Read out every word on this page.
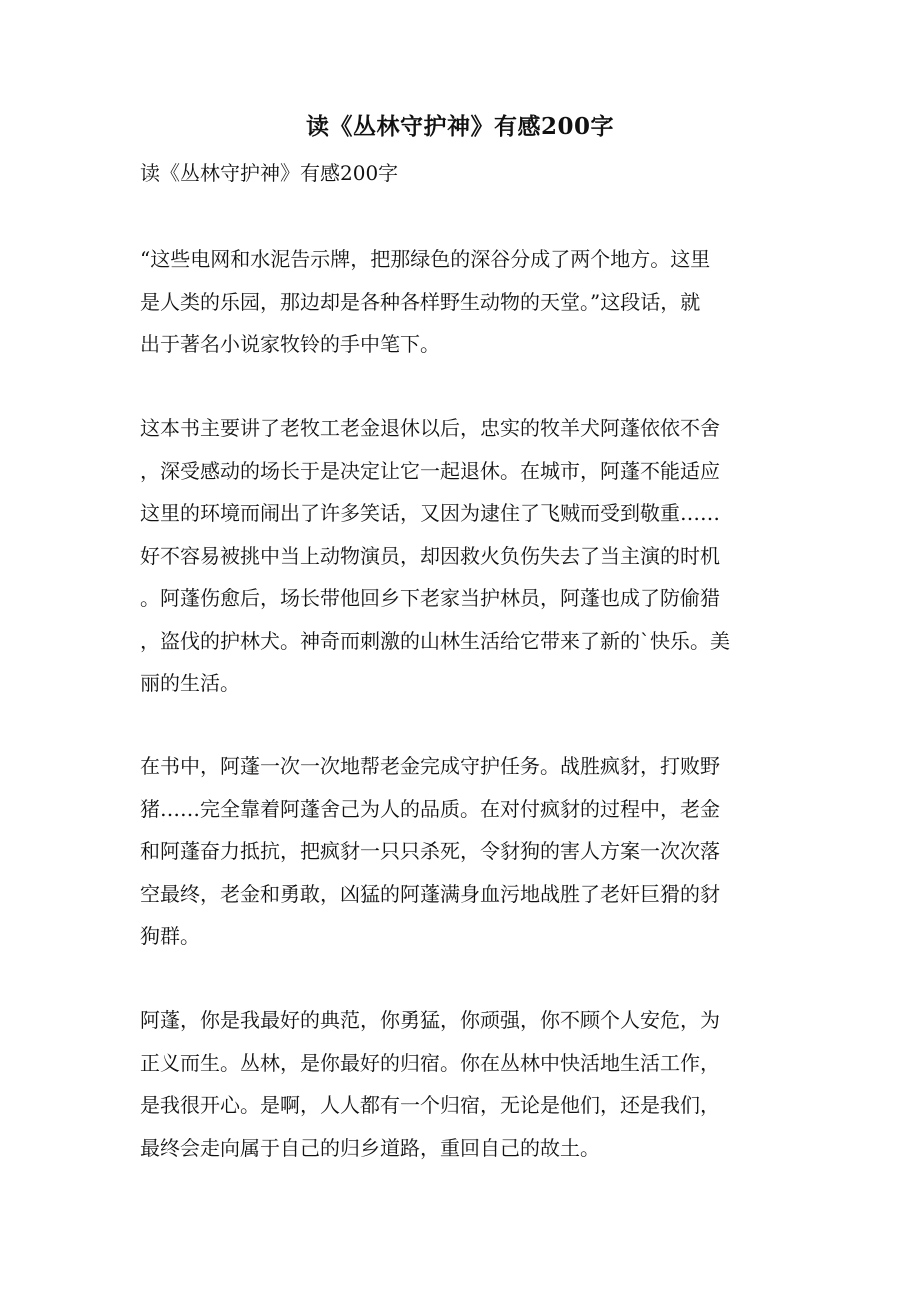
读《丛林守护神》有感200字
读《丛林守护神》有感200字
“这些电网和水泥告示牌，把那绿色的深谷分成了两个地方。这里
是人类的乐园，那边却是各种各样野生动物的天堂。”这段话，就
出于著名小说家牧铃的手中笔下。
这本书主要讲了老牧工老金退休以后，忠实的牧羊犬阿蓬依依不舍
，深受感动的场长于是决定让它一起退休。在城市，阿蓬不能适应
这里的环境而闹出了许多笑话，又因为逮住了飞贼而受到敬重……
好不容易被挑中当上动物演员，却因救火负伤失去了当主演的时机
。阿蓬伤愈后，场长带他回乡下老家当护林员，阿蓬也成了防偷猎
，盗伐的护林犬。神奇而刺激的山林生活给它带来了新的`快乐。美
丽的生活。
在书中，阿蓬一次一次地帮老金完成守护任务。战胜疯豺，打败野
猪……完全靠着阿蓬舍己为人的品质。在对付疯豺的过程中，老金
和阿蓬奋力抵抗，把疯豺一只只杀死，令豺狗的害人方案一次次落
空最终，老金和勇敢，凶猛的阿蓬满身血污地战胜了老奸巨猾的豺
狗群。
阿蓬，你是我最好的典范，你勇猛，你顽强，你不顾个人安危，为
正义而生。丛林，是你最好的归宿。你在丛林中快活地生活工作，
是我很开心。是啊，人人都有一个归宿，无论是他们，还是我们，
最终会走向属于自己的归乡道路，重回自己的故土。
